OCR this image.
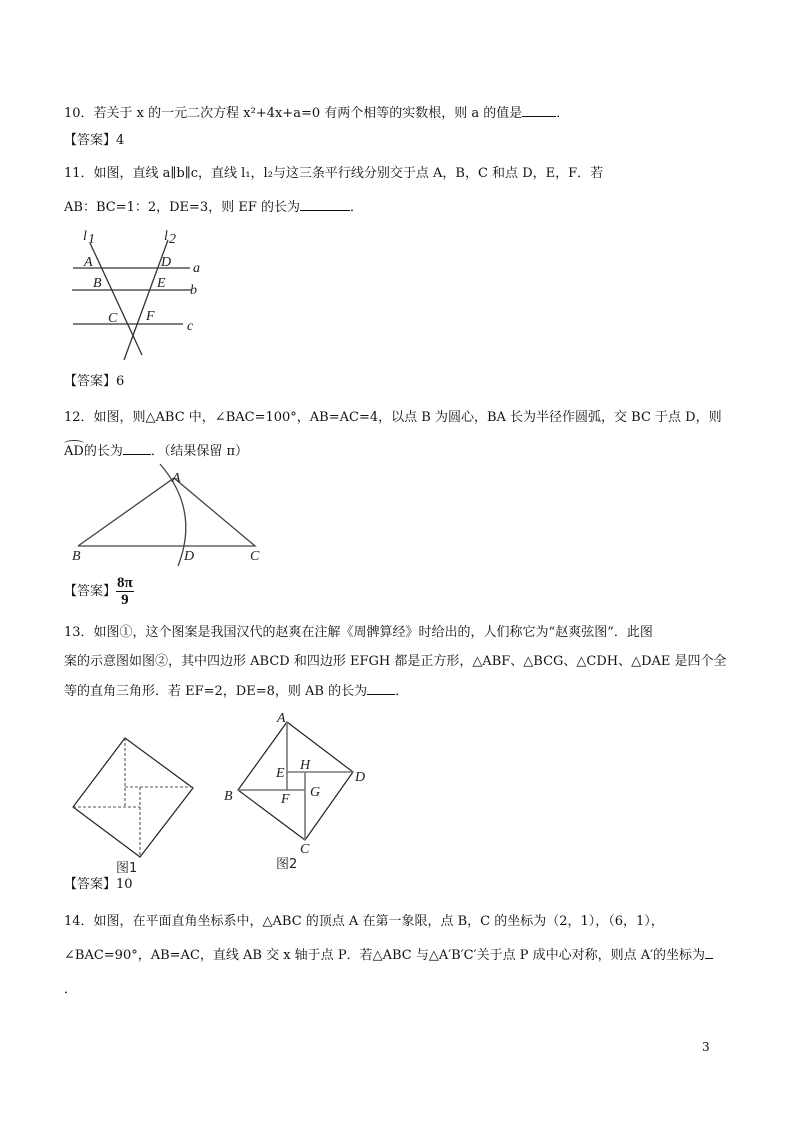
10．若关于 x 的一元二次方程 x²+4x+a=0 有两个相等的实数根，则 a 的值是	．
【答案】4
11．如图，直线 a∥b∥c，直线 l₁，l₂与这三条平行线分别交于点 A，B，C 和点 D，E，F．若
AB：BC=1：2，DE=3，则 EF 的长为	．
l 1	l 2
A
B
C
D
E
F
a
b
c
A
B	C
D
图1
A
B
C
D
E
F G
H
图2
【答案】6
12．如图，则△ABC 中，∠BAC=100°，AB=AC=4，以点 B 为圆心，BA 长为半径作圆弧，交 BC 于点 D，则
AD的长为 ．（结果保留 π）
【答案】 $\frac{8\pi}{9}$
13．如图①，这个图案是我国汉代的赵爽在注解《周髀算经》时给出的，人们称它为“赵爽弦图”．此图
案的示意图如图②，其中四边形 ABCD 和四边形 EFGH 都是正方形，△ABF、△BCG、△CDH、△DAE 是四个全
等的直角三角形．若 EF=2，DE=8，则 AB 的长为 ．
【答案】10
14．如图，在平面直角坐标系中，△ABC 的顶点 A 在第一象限，点 B，C 的坐标为（2，1），（6，1），
∠BAC=90°，AB=AC，直线 AB 交 x 轴于点 P．若△ABC 与△A′B′C′关于点 P 成中心对称，则点 A′的坐标为
．
3
